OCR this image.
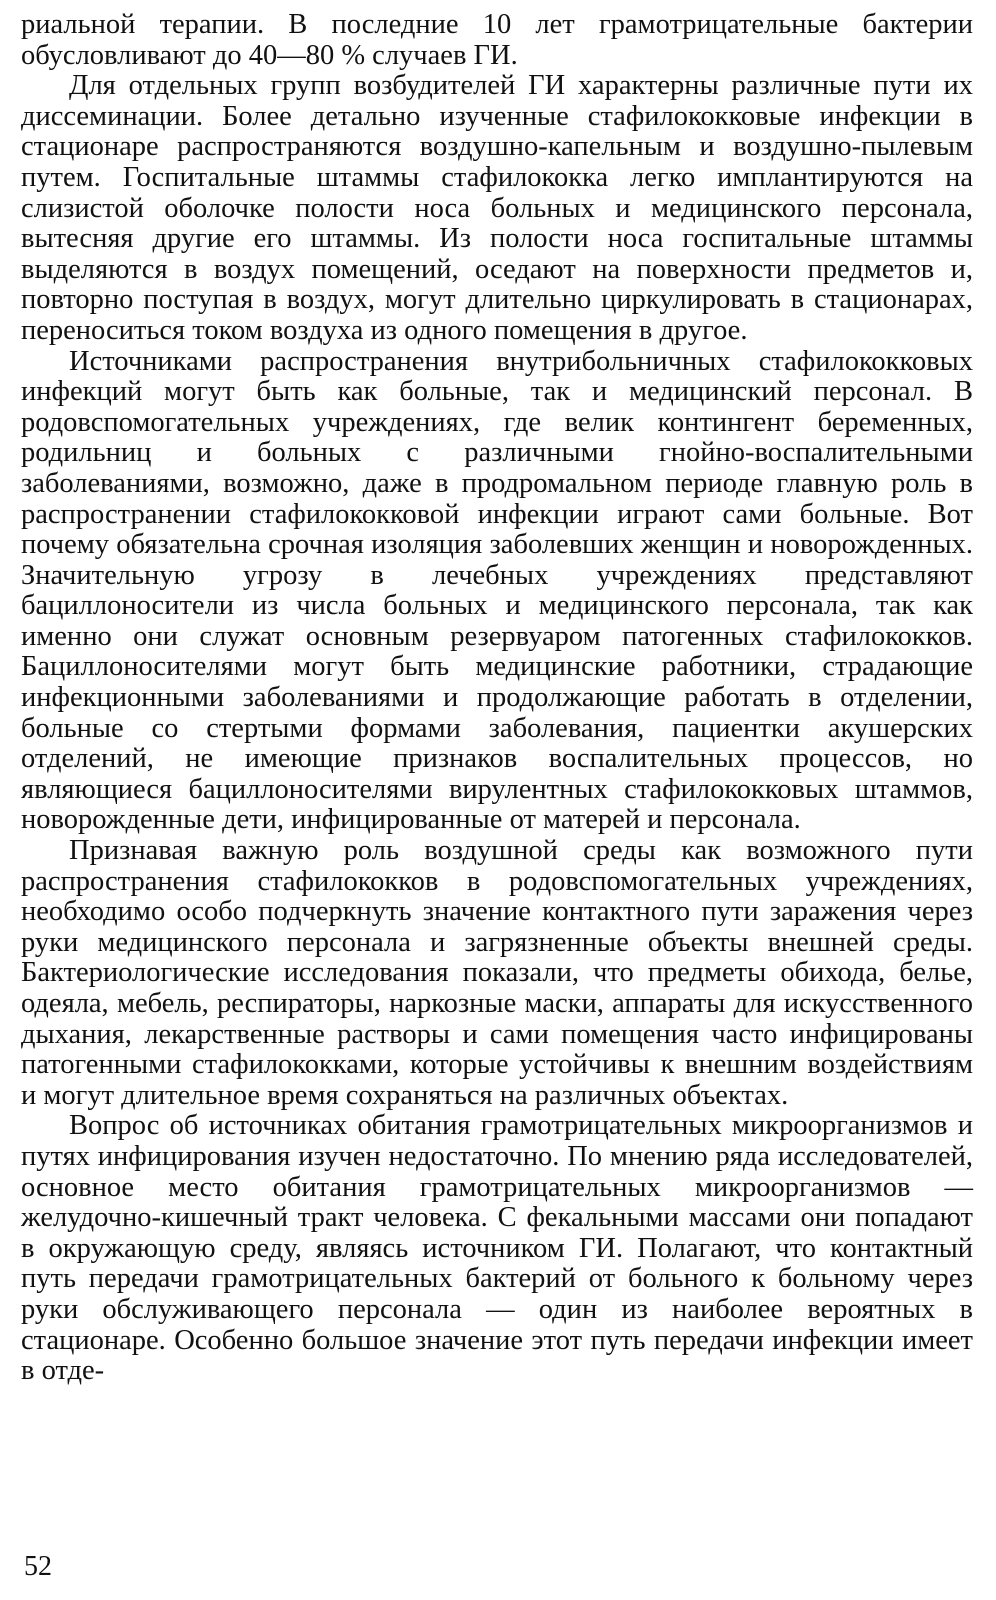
риальной терапии. В последние 10 лет грамотрицательные бактерии обусловливают до 40—80 % случаев ГИ.

Для отдельных групп возбудителей ГИ характерны различные пути их диссеминации. Более детально изученные стафилококковые инфекции в стационаре распространяются воздушно-капельным и воздушно-пылевым путем. Госпитальные штаммы стафилококка легко имплантируются на слизистой оболочке полости носа больных и медицинского персонала, вытесняя другие его штаммы. Из полости носа госпитальные штаммы выделяются в воздух помещений, оседают на поверхности предметов и, повторно поступая в воздух, могут длительно циркулировать в стационарах, переноситься током воздуха из одного помещения в другое.

Источниками распространения внутрибольничных стафилококковых инфекций могут быть как больные, так и медицинский персонал. В родовспомогательных учреждениях, где велик контингент беременных, родильниц и больных с различными гнойно-воспалительными заболеваниями, возможно, даже в продромальном периоде главную роль в распространении стафилококковой инфекции играют сами больные. Вот почему обязательна срочная изоляция заболевших женщин и новорожденных. Значительную угрозу в лечебных учреждениях представляют бациллоносители из числа больных и медицинского персонала, так как именно они служат основным резервуаром патогенных стафилококков. Бациллоносителями могут быть медицинские работники, страдающие инфекционными заболеваниями и продолжающие работать в отделении, больные со стертыми формами заболевания, пациентки акушерских отделений, не имеющие признаков воспалительных процессов, но являющиеся бациллоносителями вирулентных стафилококковых штаммов, новорожденные дети, инфицированные от матерей и персонала.

Признавая важную роль воздушной среды как возможного пути распространения стафилококков в родовспомогательных учреждениях, необходимо особо подчеркнуть значение контактного пути заражения через руки медицинского персонала и загрязненные объекты внешней среды. Бактериологические исследования показали, что предметы обихода, белье, одеяла, мебель, респираторы, наркозные маски, аппараты для искусственного дыхания, лекарственные растворы и сами помещения часто инфицированы патогенными стафилококками, которые устойчивы к внешним воздействиям и могут длительное время сохраняться на различных объектах.

Вопрос об источниках обитания грамотрицательных микроорганизмов и путях инфицирования изучен недостаточно. По мнению ряда исследователей, основное место обитания грамотрицательных микроорганизмов — желудочно-кишечный тракт человека. С фекальными массами они попадают в окружающую среду, являясь источником ГИ. Полагают, что контактный путь передачи грамотрицательных бактерий от больного к больному через руки обслуживающего персонала — один из наиболее вероятных в стационаре. Особенно большое значение этот путь передачи инфекции имеет в отде-

52
